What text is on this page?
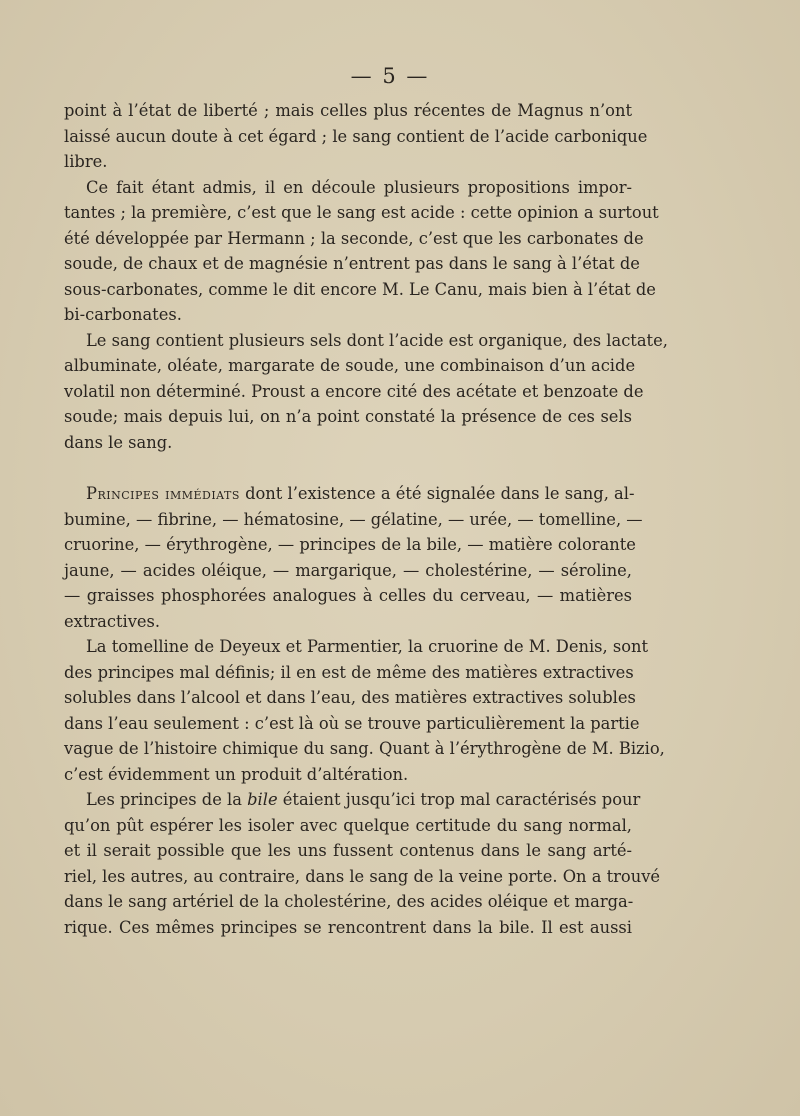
— 5 —

point à l’état de liberté ; mais celles plus récentes de Magnus n’ont
laissé aucun doute à cet égard ; le sang contient de l’acide carbonique
libre.

Ce fait étant admis, il en découle plusieurs propositions impor-
tantes ; la première, c’est que le sang est acide : cette opinion a surtout
été développée par Hermann ; la seconde, c’est que les carbonates de
soude, de chaux et de magnésie n’entrent pas dans le sang à l’état de
sous-carbonates, comme le dit encore M. Le Canu, mais bien à l’état de
bi-carbonates.

Le sang contient plusieurs sels dont l’acide est organique, des lactate,
albuminate, oléate, margarate de soude, une combinaison d’un acide
volatil non déterminé. Proust a encore cité des acétate et benzoate de
soude; mais depuis lui, on n’a point constaté la présence de ces sels
dans le sang.

Principes immédiats dont l’existence a été signalée dans le sang, al-
bumine, — fibrine, — hématosine, — gélatine, — urée, — tomelline, —
cruorine, — érythrogène, — principes de la bile, — matière colorante
jaune, — acides oléique, — margarique, — cholestérine, — séroline,
— graisses phosphorées analogues à celles du cerveau, — matières
extractives.

La tomelline de Deyeux et Parmentier, la cruorine de M. Denis, sont
des principes mal définis; il en est de même des matières extractives
solubles dans l’alcool et dans l’eau, des matières extractives solubles
dans l’eau seulement : c’est là où se trouve particulièrement la partie
vague de l’histoire chimique du sang. Quant à l’érythrogène de M. Bizio,
c’est évidemment un produit d’altération.

Les principes de la bile étaient jusqu’ici trop mal caractérisés pour
qu’on pût espérer les isoler avec quelque certitude du sang normal,
et il serait possible que les uns fussent contenus dans le sang arté-
riel, les autres, au contraire, dans le sang de la veine porte. On a trouvé
dans le sang artériel de la cholestérine, des acides oléique et marga-
rique. Ces mêmes principes se rencontrent dans la bile. Il est aussi
